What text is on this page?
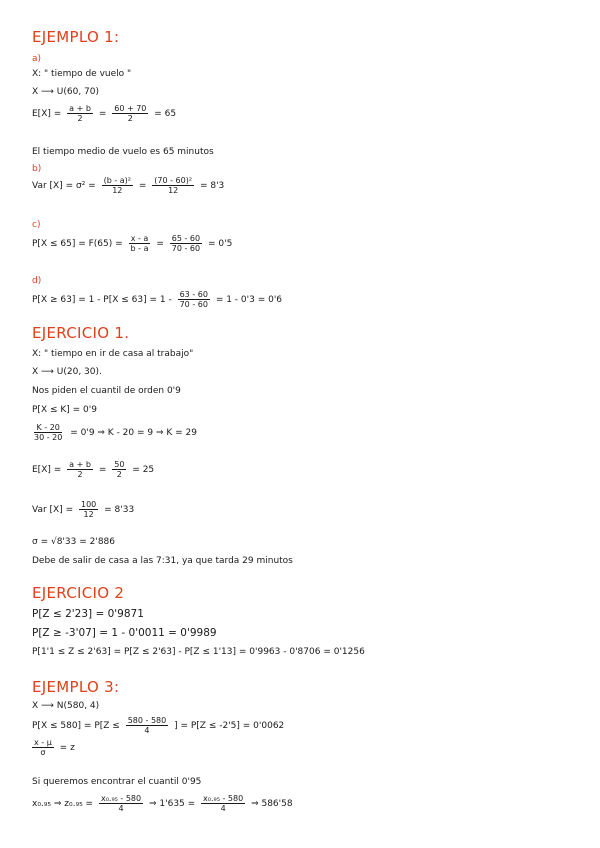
EJEMPLO 1:
a)
X: " tiempo de vuelo "
X ⟶ U(60, 70)
$E[X] = \frac{a + b}{2} = \frac{60 + 70}{2} = 65$
El tiempo medio de vuelo es 65 minutos
b)
Var $[X] = \sigma^2 = \frac{\text{(b - a)²}}{12} = \frac{\text{(70 - 60)²}}{12} = 8'3$
c)
$P[X \le 65] = F(65) = \frac{x - a}{b - a} = \frac{65 - 60}{70 - 60} = 0'5$
d)
$P[X \ge 63] = 1 - P[X \le 63] = 1 - \frac{63 - 60}{70 - 60} = 1 - 0'3 = 0'6$
EJERCICIO 1.
X: " tiempo en ir de casa al trabajo"
X ⟶ U(20, 30).
Nos piden el cuantil de orden 0'9
P[X ≤ K] = 0'9
$\frac{K - 20}{30 - 20} = 0'9$ ⇒ K - 20 = 9 ⇒ K = 29
$E[X] = \frac{a + b}{2} = \frac{50}{2} = 25$
Var $[X] = \frac{100}{12} = 8'33$
σ = √8'33 = 2'886
Debe de salir de casa a las 7:31, ya que tarda 29 minutos
EJERCICIO 2
P[Z ≤ 2'23] = 0'9871
P[Z ≥ -3'07] = 1 - 0'0011 = 0'9989
P[1'1 ≤ Z ≤ 2'63] = P[Z ≤ 2'63] - P[Z ≤ 1'13] = 0'9963 - 0'8706 = 0'1256
EJEMPLO 3:
X ⟶ N(580, 4)
$P[X \le 580] = P[Z \le \frac{580 - 580}{4}$ ] = P[Z ≤ -2'5] = 0'0062
$\frac{x - \mu}{\sigma} = z$
Si queremos encontrar el cuantil 0'95
x₀.₉₅ ⇒ $z_0._{95} = \frac{\text{x₀.₉₅ - 580}}{4}$ ⇒ $1'635 = \frac{\text{x₀.₉₅ - 580}}{4}$ ⇒ 586'58
